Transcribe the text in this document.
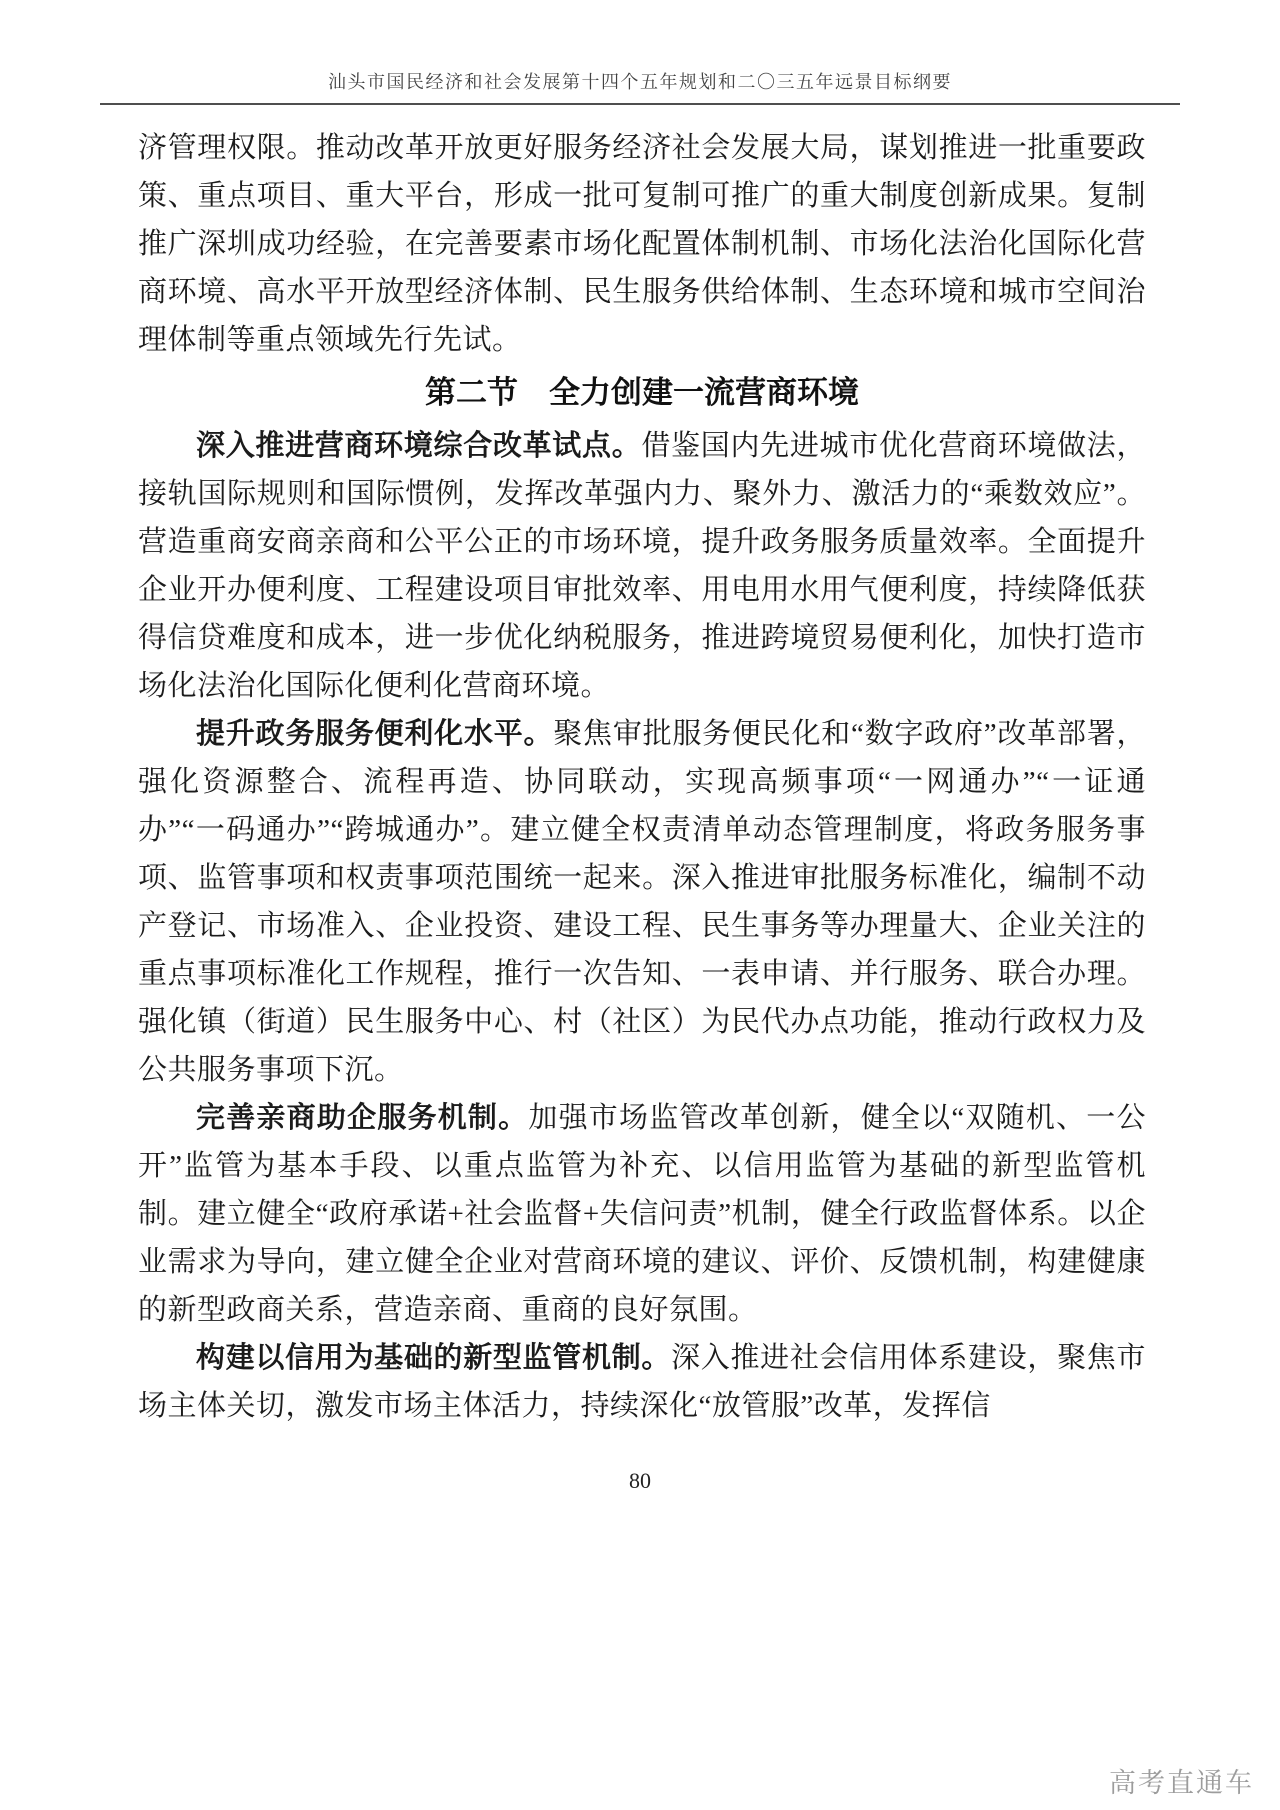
汕头市国民经济和社会发展第十四个五年规划和二〇三五年远景目标纲要

济管理权限。推动改革开放更好服务经济社会发展大局，谋划推进一批重要政策、重点项目、重大平台，形成一批可复制可推广的重大制度创新成果。复制推广深圳成功经验，在完善要素市场化配置体制机制、市场化法治化国际化营商环境、高水平开放型经济体制、民生服务供给体制、生态环境和城市空间治理体制等重点领域先行先试。

第二节　全力创建一流营商环境

深入推进营商环境综合改革试点。借鉴国内先进城市优化营商环境做法，接轨国际规则和国际惯例，发挥改革强内力、聚外力、激活力的“乘数效应”。营造重商安商亲商和公平公正的市场环境，提升政务服务质量效率。全面提升企业开办便利度、工程建设项目审批效率、用电用水用气便利度，持续降低获得信贷难度和成本，进一步优化纳税服务，推进跨境贸易便利化，加快打造市场化法治化国际化便利化营商环境。

提升政务服务便利化水平。聚焦审批服务便民化和“数字政府”改革部署，强化资源整合、流程再造、协同联动，实现高频事项“一网通办”“一证通办”“一码通办”“跨城通办”。建立健全权责清单动态管理制度，将政务服务事项、监管事项和权责事项范围统一起来。深入推进审批服务标准化，编制不动产登记、市场准入、企业投资、建设工程、民生事务等办理量大、企业关注的重点事项标准化工作规程，推行一次告知、一表申请、并行服务、联合办理。强化镇（街道）民生服务中心、村（社区）为民代办点功能，推动行政权力及公共服务事项下沉。

完善亲商助企服务机制。加强市场监管改革创新，健全以“双随机、一公开”监管为基本手段、以重点监管为补充、以信用监管为基础的新型监管机制。建立健全“政府承诺+社会监督+失信问责”机制，健全行政监督体系。以企业需求为导向，建立健全企业对营商环境的建议、评价、反馈机制，构建健康的新型政商关系，营造亲商、重商的良好氛围。

构建以信用为基础的新型监管机制。深入推进社会信用体系建设，聚焦市场主体关切，激发市场主体活力，持续深化“放管服”改革，发挥信

80
高考直通车
